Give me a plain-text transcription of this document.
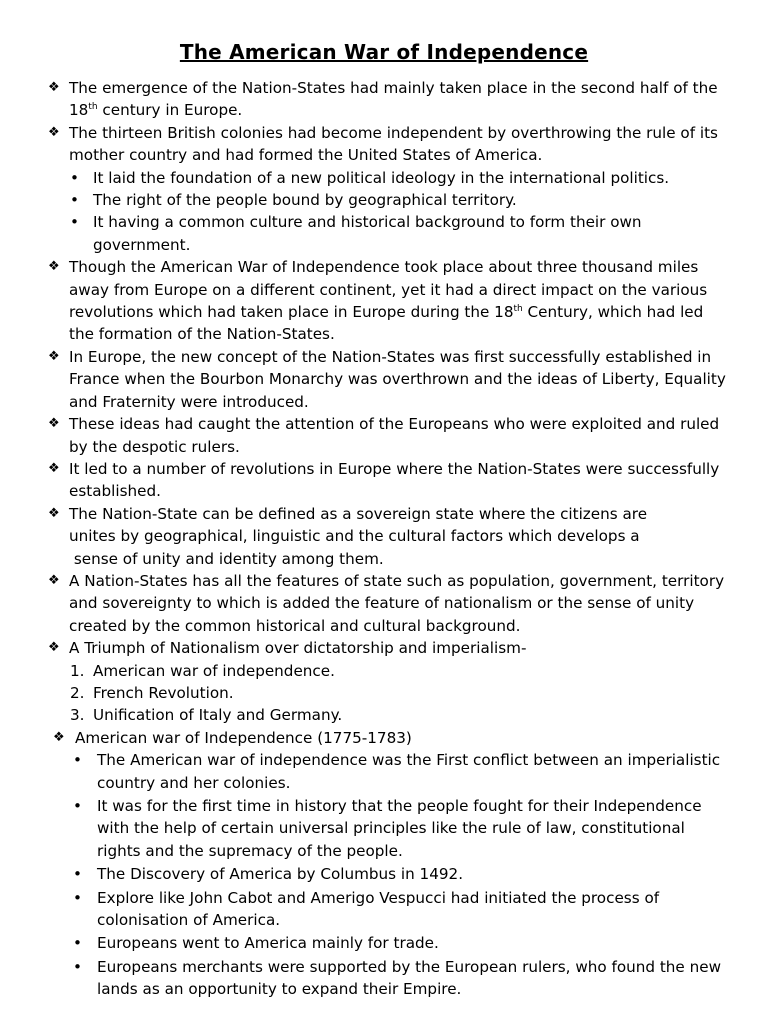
The American War of Independence
❖ The emergence of the Nation-States had mainly taken place in the second half of the
18th century in Europe.
❖ The thirteen British colonies had become independent by overthrowing the rule of its mother country and had formed the United States of America.
• It laid the foundation of a new political ideology in the international politics.
• The right of the people bound by geographical territory.
• It having a common culture and historical background to form their own government.
❖ Though the American War of Independence took place about three thousand miles away from Europe on a different continent, yet it had a direct impact on the various revolutions which had taken place in Europe during the 18th Century, which had led the formation of the Nation-States.
❖ In Europe, the new concept of the Nation-States was first successfully established in France when the Bourbon Monarchy was overthrown and the ideas of Liberty, Equality and Fraternity were introduced.
❖ These ideas had caught the attention of the Europeans who were exploited and ruled by the despotic rulers.
❖ It led to a number of revolutions in Europe where the Nation-States were successfully established.
❖ The Nation-State can be defined as a sovereign state where the citizens are
unites by geographical, linguistic and the cultural factors which develops a
sense of unity and identity among them.
❖ A Nation-States has all the features of state such as population, government, territory and sovereignty to which is added the feature of nationalism or the sense of unity created by the common historical and cultural background.
❖ A Triumph of Nationalism over dictatorship and imperialism-
1. American war of independence.
2. French Revolution.
3. Unification of Italy and Germany.
❖ American war of Independence (1775-1783)
• The American war of independence was the First conflict between an imperialistic country and her colonies.
• It was for the first time in history that the people fought for their Independence with the help of certain universal principles like the rule of law, constitutional rights and the supremacy of the people.
• The Discovery of America by Columbus in 1492.
• Explore like John Cabot and Amerigo Vespucci had initiated the process of colonisation of America.
• Europeans went to America mainly for trade.
• Europeans merchants were supported by the European rulers, who found the new lands as an opportunity to expand their Empire.
